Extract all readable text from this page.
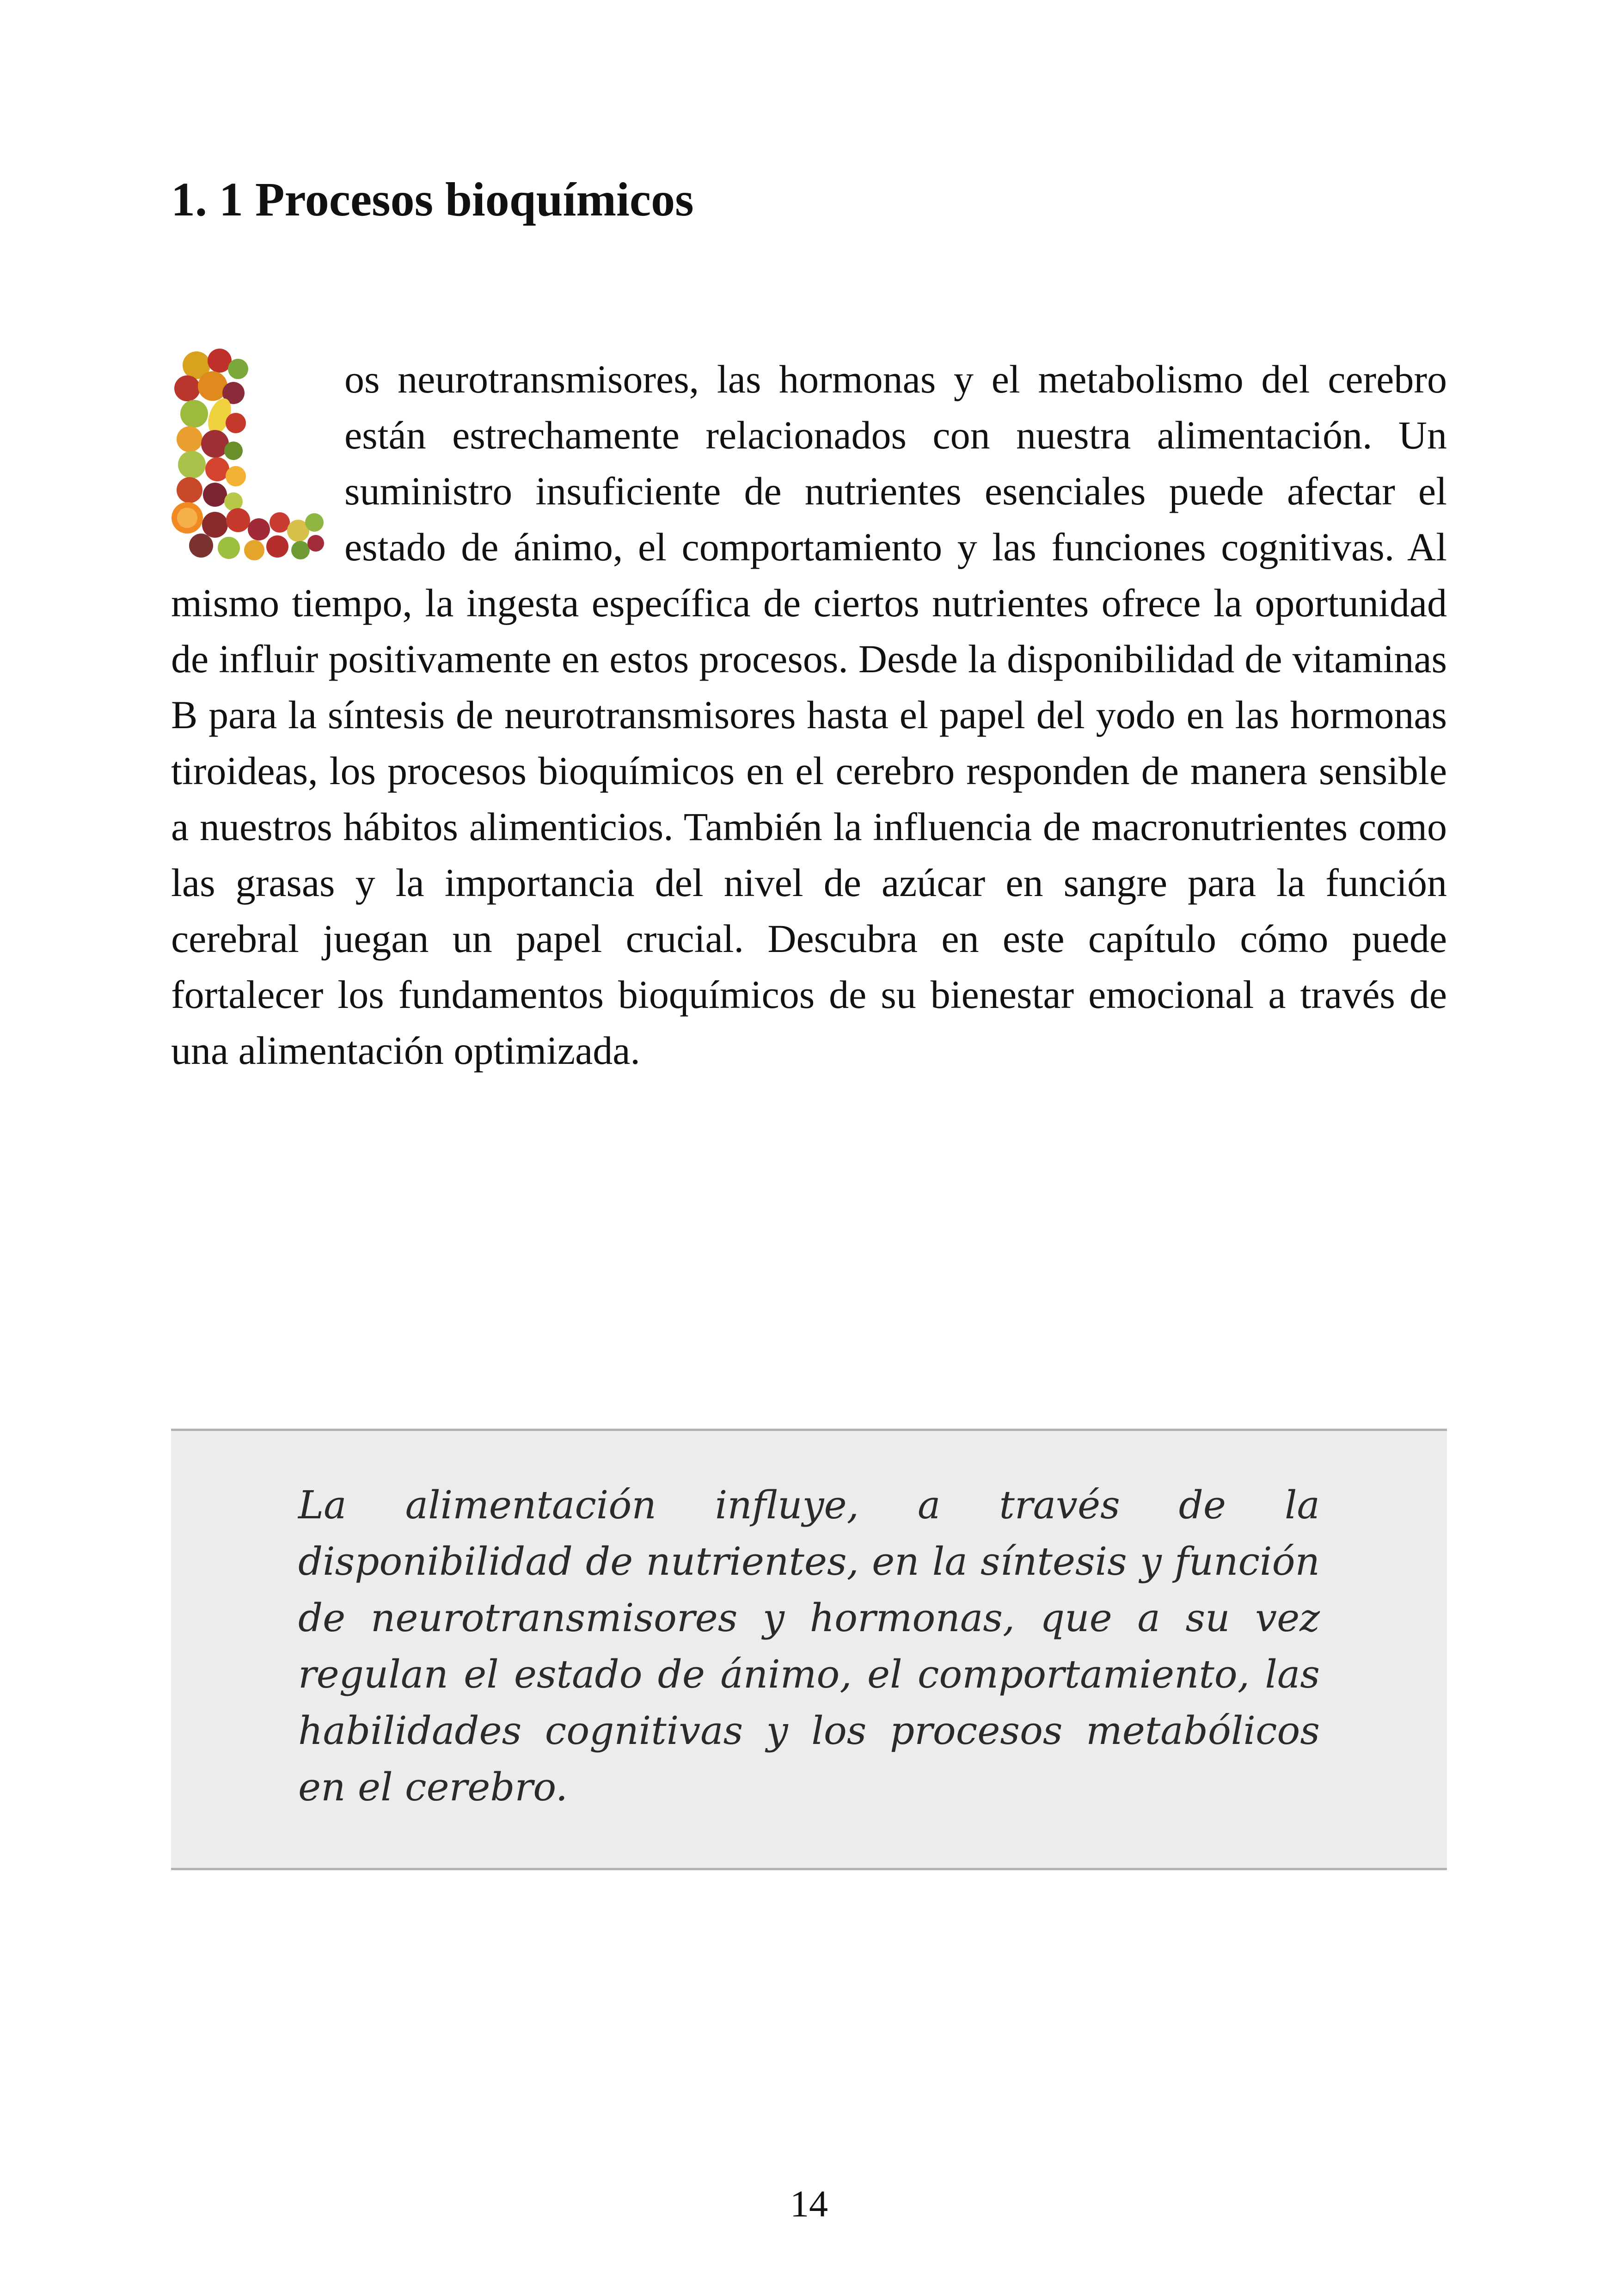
1. 1 Procesos bioquímicos

os neurotransmisores, las hormonas y el metabolismo del cerebro están estrechamente relacionados con nuestra alimentación. Un suministro insuficiente de nutrientes esenciales puede afectar el estado de ánimo, el comportamiento y las funciones cognitivas. Al mismo tiempo, la ingesta específica de ciertos nutrientes ofrece la oportunidad de influir positivamente en estos procesos. Desde la disponibilidad de vitaminas B para la síntesis de neurotransmisores hasta el papel del yodo en las hormonas tiroideas, los procesos bioquímicos en el cerebro responden de manera sensible a nuestros hábitos alimenticios. También la influencia de macronutrientes como las grasas y la importancia del nivel de azúcar en sangre para la función cerebral juegan un papel crucial. Descubra en este capítulo cómo puede fortalecer los fundamentos bioquímicos de su bienestar emocional a través de una alimentación optimizada.

La alimentación influye, a través de la disponibilidad de nutrientes, en la síntesis y función de neurotransmisores y hormonas, que a su vez regulan el estado de ánimo, el comportamiento, las habilidades cognitivas y los procesos metabólicos en el cerebro.

14
